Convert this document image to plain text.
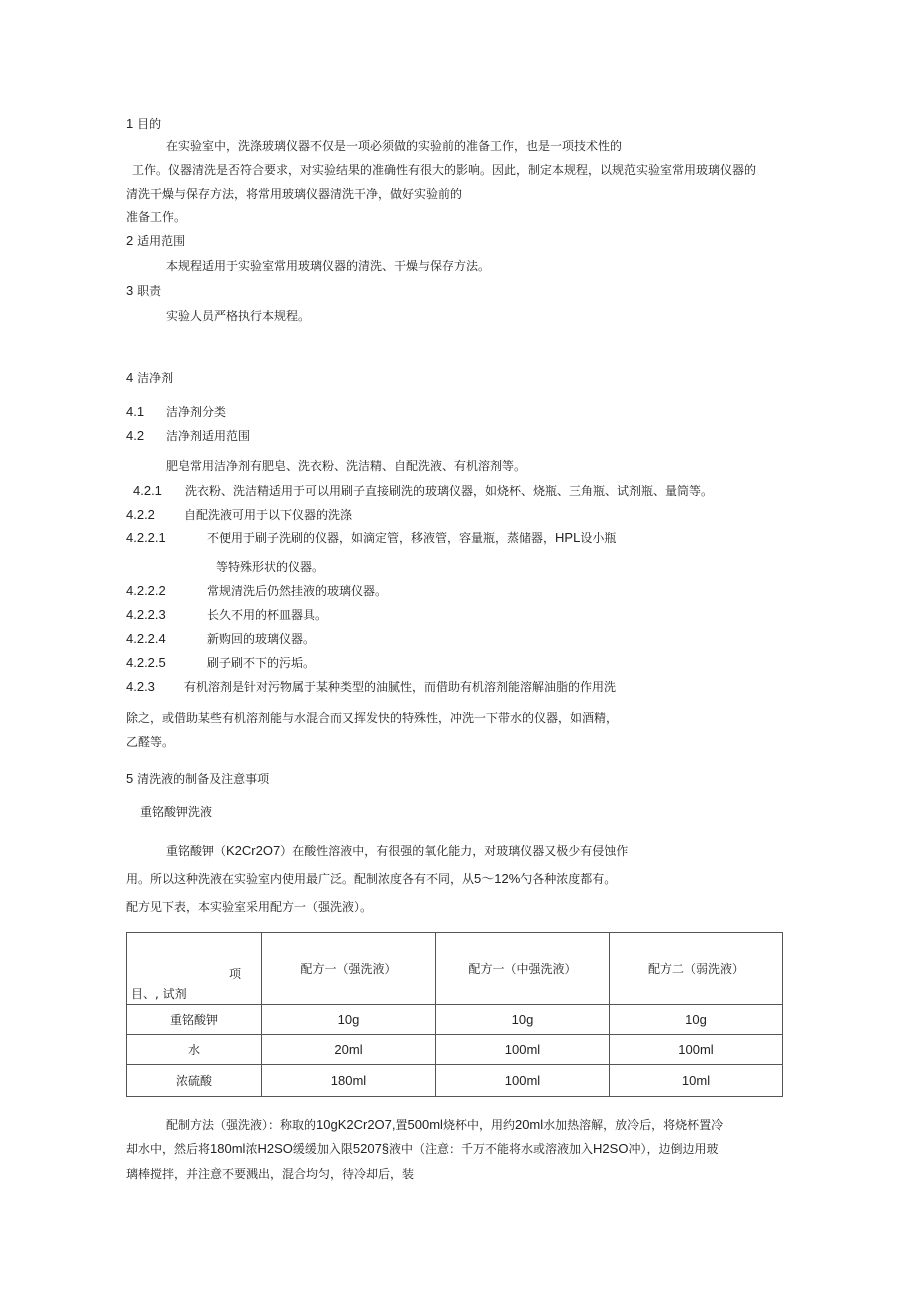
1 目的
在实验室中，洗涤玻璃仪器不仅是一项必须做的实验前的准备工作，也是一项技术性的
工作。仪器清洗是否符合要求，对实验结果的准确性有很大的影响。因此，制定本规程，以规范实验室常用玻璃仪器的
清洗干燥与保存方法，将常用玻璃仪器清洗干净，做好实验前的
准备工作。
2 适用范围
本规程适用于实验室常用玻璃仪器的清洗、干燥与保存方法。
3 职责
实验人员严格执行本规程。
4 洁净剂
4.1 洁净剂分类
4.2 洁净剂适用范围
肥皂常用洁净剂有肥皂、洗衣粉、洗洁精、自配洗液、有机溶剂等。
4.2.1 洗衣粉、洗洁精适用于可以用刷子直接刷洗的玻璃仪器，如烧杯、烧瓶、三角瓶、试剂瓶、量筒等。
4.2.2 自配洗液可用于以下仪器的洗涤
4.2.2.1	不便用于刷子洗刷的仪器，如滴定管，移液管，容量瓶，蒸储器，HPL设小瓶
等特殊形状的仪器。
4.2.2.2	常规清洗后仍然挂液的玻璃仪器。
4.2.2.3	长久不用的杯皿器具。
4.2.2.4	新购回的玻璃仪器。
4.2.2.5	刷子刷不下的污垢。
4.2.3 有机溶剂是针对污物属于某种类型的油腻性，而借助有机溶剂能溶解油脂的作用洗
除之，或借助某些有机溶剂能与水混合而又挥发快的特殊性，冲洗一下带水的仪器，如酒精，
乙醛等。
5 清洗液的制备及注意事项
重铭酸钾洗液
重铭酸钾（K2Cr2O7）在酸性溶液中，有很强的氧化能力，对玻璃仪器又极少有侵蚀作
用。所以这种洗液在实验室内使用最广泛。配制浓度各有不同，从5～12%勺各种浓度都有。
配方见下表，本实验室采用配方一（强洗液）。
项
目、, 试剂	配方一（强洗液）	配方一（中强洗液）	配方二（弱洗液）
重铭酸钾	10g	10g	10g
水	20ml	100ml	100ml
浓硫酸	180ml	100ml	10ml
配制方法（强洗液）：称取的10gK2Cr2O7,置500ml烧杯中，用约20ml水加热溶解，放冷后，将烧杯置冷
却水中，然后将180ml浓H2SO缓缓加入限5207§液中（注意：千万不能将水或溶液加入H2SO冲），边倒边用玻
璃棒搅拌，并注意不要溅出，混合均匀，待冷却后，装
